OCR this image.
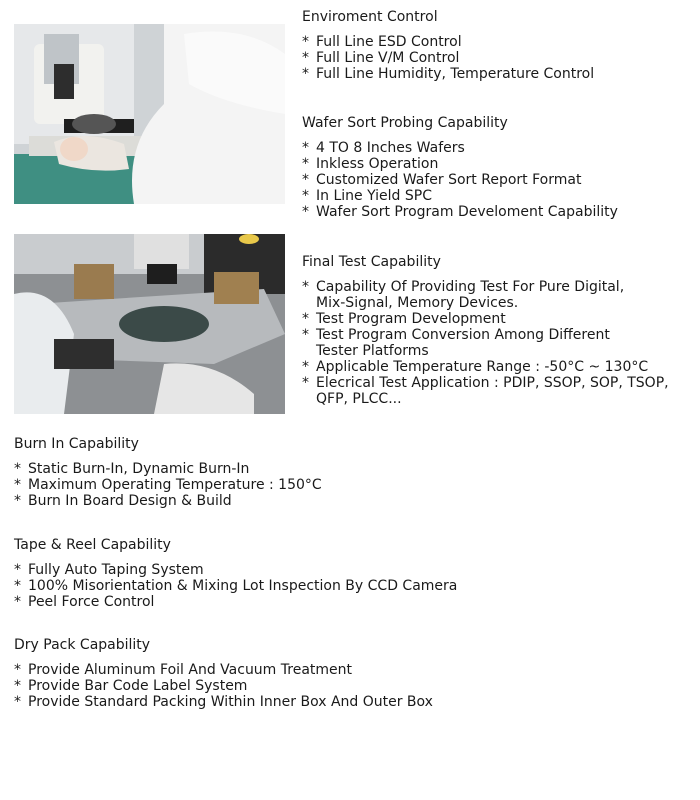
Enviroment Control
* Full Line ESD Control
* Full Line V/M Control
* Full Line Humidity, Temperature Control
Wafer Sort Probing Capability
* 4 TO 8 Inches Wafers
* Inkless Operation
* Customized Wafer Sort Report Format
* In Line Yield SPC
* Wafer Sort Program Develoment Capability
Final Test Capability
* Capability Of Providing Test For Pure Digital,
Mix-Signal, Memory Devices.
* Test Program Development
* Test Program Conversion Among Different
Tester Platforms
* Applicable Temperature Range : -50°C ~ 130°C
* Elecrical Test Application : PDIP, SSOP, SOP, TSOP,
QFP, PLCC...
Burn In Capability
* Static Burn-In, Dynamic Burn-In
* Maximum Operating Temperature : 150°C
* Burn In Board Design & Build
Tape & Reel Capability
* Fully Auto Taping System
* 100% Misorientation & Mixing Lot Inspection By CCD Camera
* Peel Force Control
Dry Pack Capability
* Provide Aluminum Foil And Vacuum Treatment
* Provide Bar Code Label System
* Provide Standard Packing Within Inner Box And Outer Box
